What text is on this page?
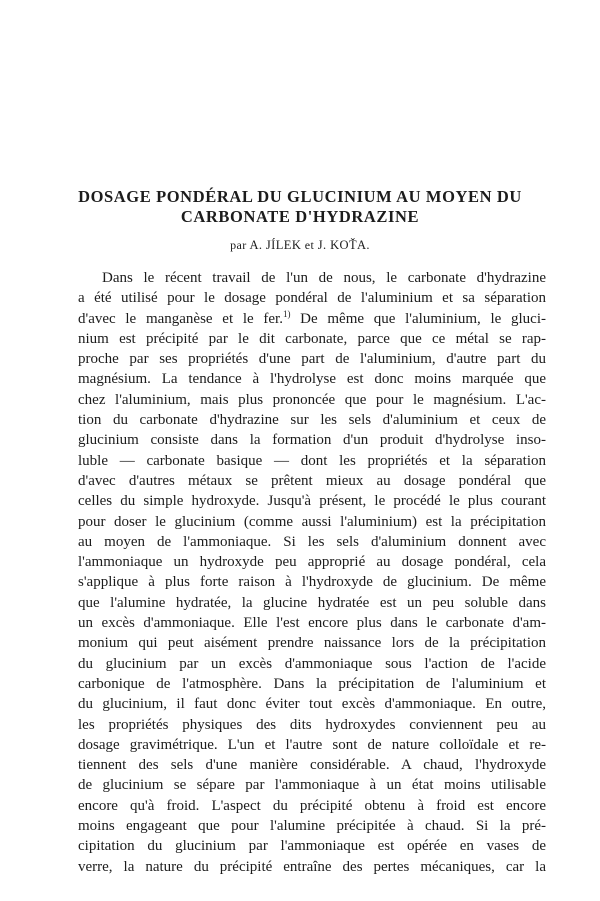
DOSAGE PONDÉRAL DU GLUCINIUM AU MOYEN DU
CARBONATE D'HYDRAZINE

par A. JÍLEK et J. KOŤA.

Dans le récent travail de l'un de nous, le carbonate d'hydrazine
a été utilisé pour le dosage pondéral de l'aluminium et sa séparation
d'avec le manganèse et le fer.$^{1)}$ De même que l'aluminium, le gluci-
nium est précipité par le dit carbonate, parce que ce métal se rap-
proche par ses propriétés d'une part de l'aluminium, d'autre part du
magnésium. La tendance à l'hydrolyse est donc moins marquée que
chez l'aluminium, mais plus prononcée que pour le magnésium. L'ac-
tion du carbonate d'hydrazine sur les sels d'aluminium et ceux de
glucinium consiste dans la formation d'un produit d'hydrolyse inso-
luble — carbonate basique — dont les propriétés et la séparation
d'avec d'autres métaux se prêtent mieux au dosage pondéral que
celles du simple hydroxyde. Jusqu'à présent, le procédé le plus courant
pour doser le glucinium (comme aussi l'aluminium) est la précipitation
au moyen de l'ammoniaque. Si les sels d'aluminium donnent avec
l'ammoniaque un hydroxyde peu approprié au dosage pondéral, cela
s'applique à plus forte raison à l'hydroxyde de glucinium. De même
que l'alumine hydratée, la glucine hydratée est un peu soluble dans
un excès d'ammoniaque. Elle l'est encore plus dans le carbonate d'am-
monium qui peut aisément prendre naissance lors de la précipitation
du glucinium par un excès d'ammoniaque sous l'action de l'acide
carbonique de l'atmosphère. Dans la précipitation de l'aluminium et
du glucinium, il faut donc éviter tout excès d'ammoniaque. En outre,
les propriétés physiques des dits hydroxydes conviennent peu au
dosage gravimétrique. L'un et l'autre sont de nature colloïdale et re-
tiennent des sels d'une manière considérable. A chaud, l'hydroxyde
de glucinium se sépare par l'ammoniaque à un état moins utilisable
encore qu'à froid. L'aspect du précipité obtenu à froid est encore
moins engageant que pour l'alumine précipitée à chaud. Si la pré-
cipitation du glucinium par l'ammoniaque est opérée en vases de
verre, la nature du précipité entraîne des pertes mécaniques, car la
